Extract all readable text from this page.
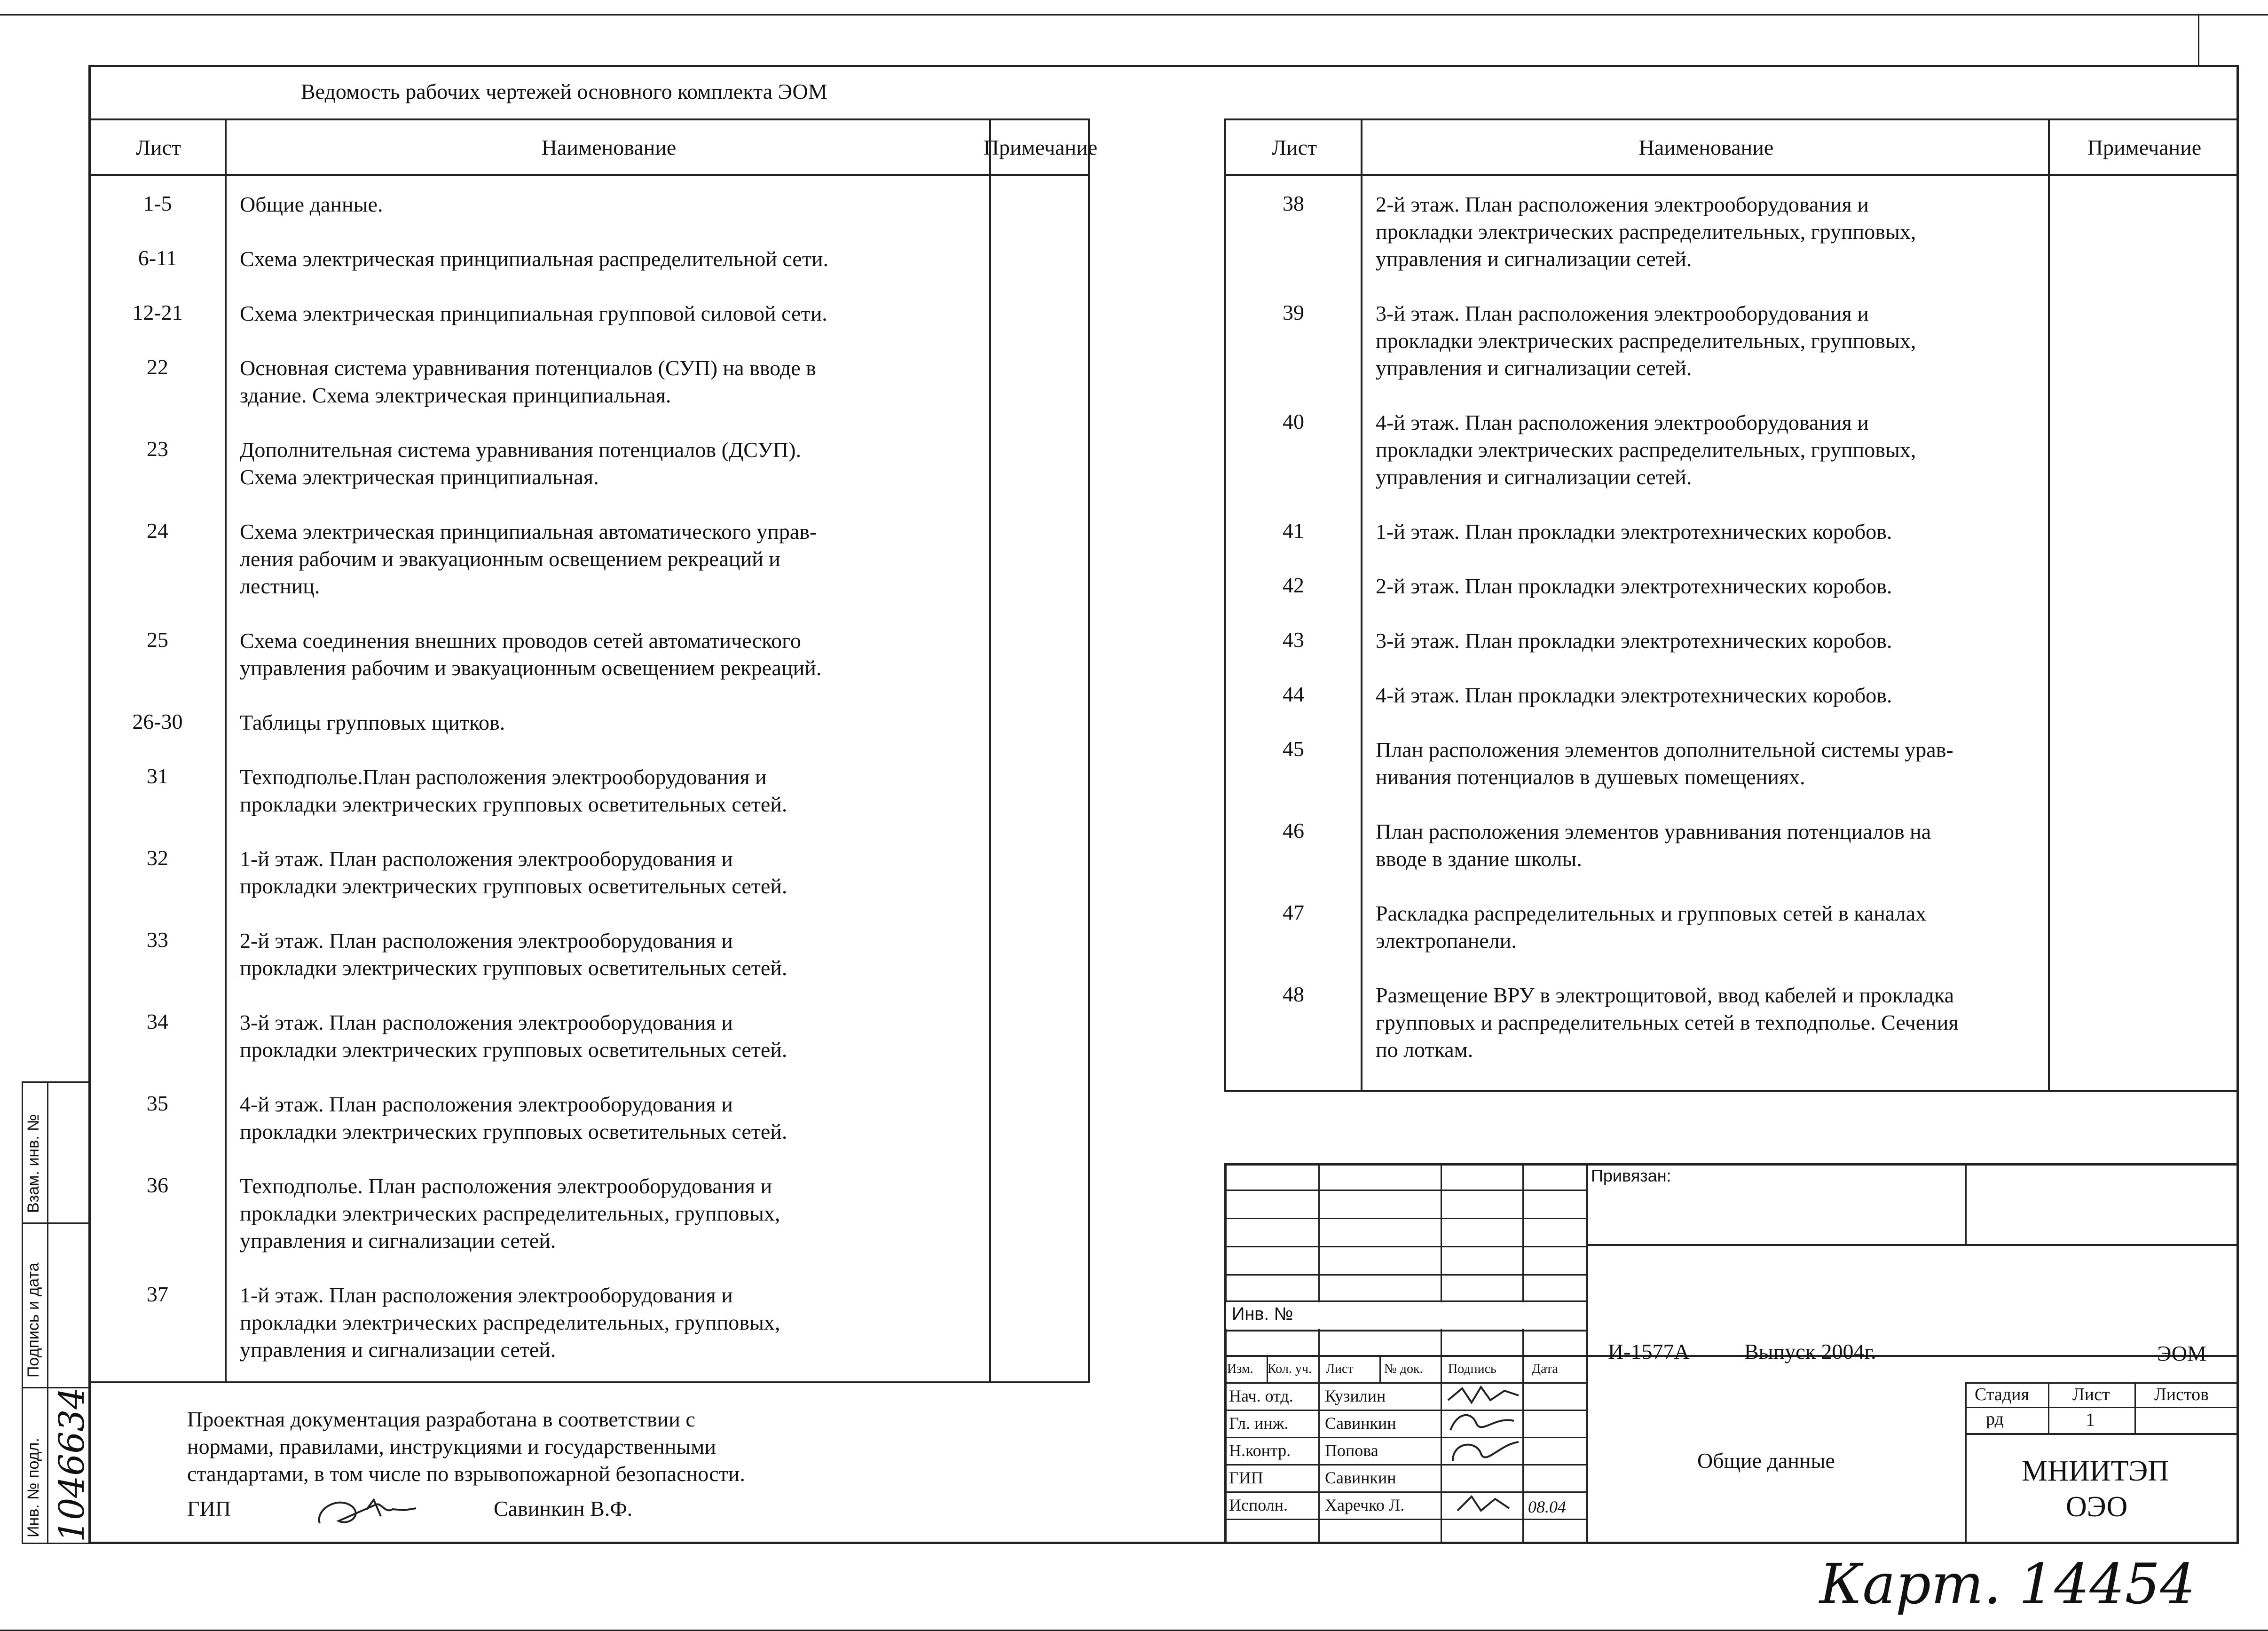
Ведомость рабочих чертежей основного комплекта ЭОМ
Лист	Наименование	Примечание
1-5	Общие данные.
6-11	Схема электрическая принципиальная распределительной сети.
12-21	Схема электрическая принципиальная групповой силовой сети.
22	Основная система уравнивания потенциалов (СУП) на вводе в
здание. Схема электрическая принципиальная.
23	Дополнительная система уравнивания потенциалов (ДСУП).
Схема электрическая принципиальная.
24	Схема электрическая принципиальная автоматического управ-
ления рабочим и эвакуационным освещением рекреаций и
лестниц.
25	Схема соединения внешних проводов сетей автоматического
управления рабочим и эвакуационным освещением рекреаций.
26-30	Таблицы групповых щитков.
31	Техподполье.План расположения электрооборудования и
прокладки электрических групповых осветительных сетей.
32	1-й этаж. План расположения электрооборудования и
прокладки электрических групповых осветительных сетей.
33	2-й этаж. План расположения электрооборудования и
прокладки электрических групповых осветительных сетей.
34	3-й этаж. План расположения электрооборудования и
прокладки электрических групповых осветительных сетей.
35	4-й этаж. План расположения электрооборудования и
прокладки электрических групповых осветительных сетей.
36	Техподполье. План расположения электрооборудования и
прокладки электрических распределительных, групповых,
управления и сигнализации сетей.
37	1-й этаж. План расположения электрооборудования и
прокладки электрических распределительных, групповых,
управления и сигнализации сетей.
Лист	Наименование	Примечание
38	2-й этаж. План расположения электрооборудования и
прокладки электрических распределительных, групповых,
управления и сигнализации сетей.
39	3-й этаж. План расположения электрооборудования и
прокладки электрических распределительных, групповых,
управления и сигнализации сетей.
40	4-й этаж. План расположения электрооборудования и
прокладки электрических распределительных, групповых,
управления и сигнализации сетей.
41	1-й этаж. План прокладки электротехнических коробов.
42	2-й этаж. План прокладки электротехнических коробов.
43	3-й этаж. План прокладки электротехнических коробов.
44	4-й этаж. План прокладки электротехнических коробов.
45	План расположения элементов дополнительной системы урав-
нивания потенциалов в душевых помещениях.
46	План расположения элементов уравнивания потенциалов на
вводе в здание школы.
47	Раскладка распределительных и групповых сетей в каналах
электропанели.
48	Размещение ВРУ в электрощитовой, ввод кабелей и прокладка
групповых и распределительных сетей в техподполье. Сечения
по лоткам.
Проектная документация разработана в соответствии с
нормами, правилами, инструкциями и государственными
стандартами, в том числе по взрывопожарной безопасности.
ГИП	Савинкин В.Ф.
Взам. инв. №
Подпись и дата
Инв. № подл. 1046634
Инв. №
Привязан:
И-1577А	Выпуск 2004г.	ЭОМ
Изм. Кол. уч. Лист № док. Подпись	Дата
Нач. отд. Кузилин
Гл. инж. Савинкин
Н.контр. Попова
ГИП	Савинкин
Исполн. Харечко Л.	08.04
Общие данные
Стадия Лист Листов
рд	1
МНИИТЭП
ОЭО
Карт. 14454
